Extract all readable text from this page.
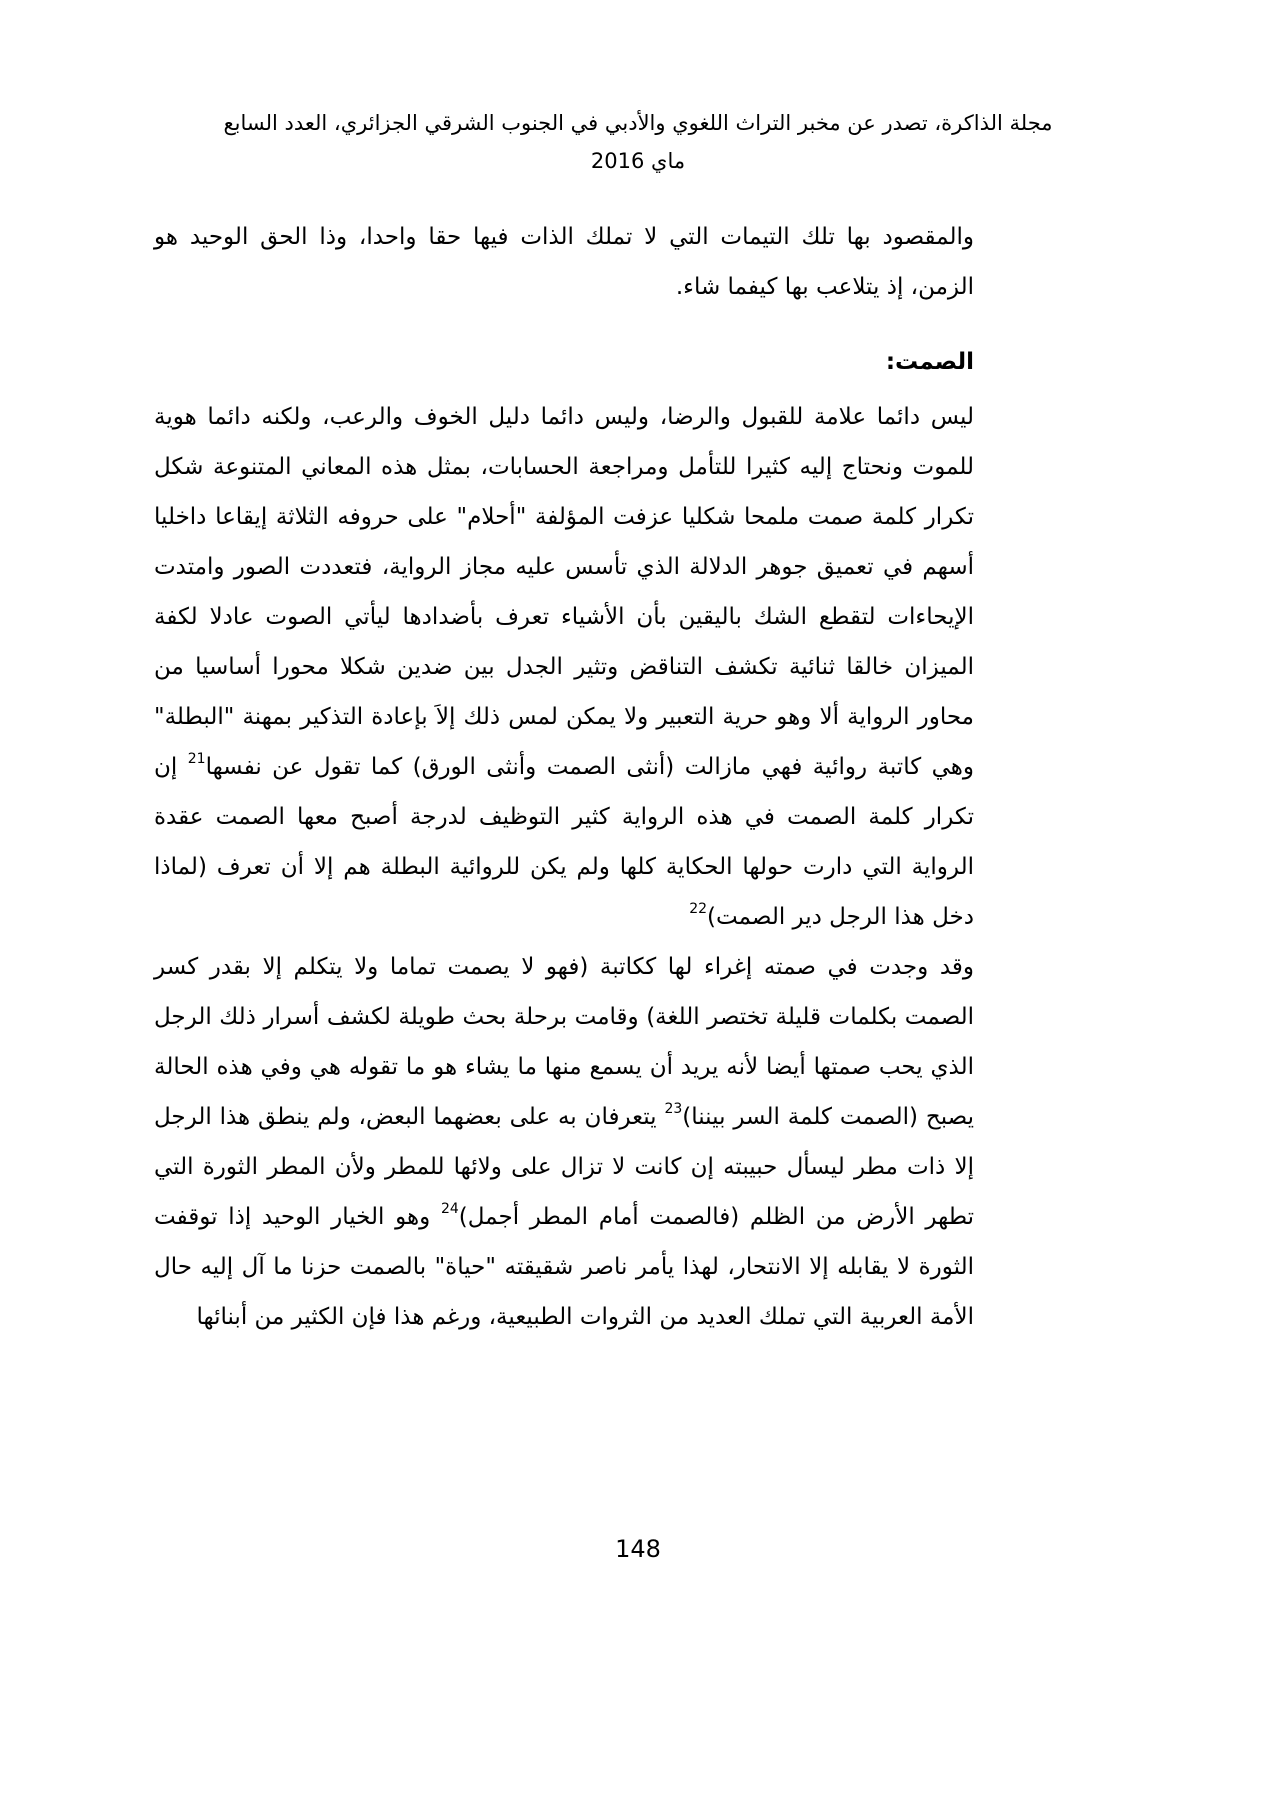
مجلة الذاكرة، تصدر عن مخبر التراث اللغوي والأدبي في الجنوب الشرقي الجزائري، العدد السابع
ماي 2016

والمقصود بها تلك التيمات التي لا تملك الذات فيها حقا واحدا، وذا الحق الوحيد هو الزمن، إذ يتلاعب بها كيفما شاء.

الصمت:

ليس دائما علامة للقبول والرضا، وليس دائما دليل الخوف والرعب، ولكنه دائما هوية للموت ونحتاج إليه كثيرا للتأمل ومراجعة الحسابات، بمثل هذه المعاني المتنوعة شكل تكرار كلمة صمت ملمحا شكليا عزفت المؤلفة "أحلام" على حروفه الثلاثة إيقاعا داخليا أسهم في تعميق جوهر الدلالة الذي تأسس عليه مجاز الرواية، فتعددت الصور وامتدت الإيحاءات لتقطع الشك باليقين بأن الأشياء تعرف بأضدادها ليأتي الصوت عادلا لكفة الميزان خالقا ثنائية تكشف التناقض وتثير الجدل بين ضدين شكلا محورا أساسيا من محاور الرواية ألا وهو حرية التعبير ولا يمكن لمس ذلك إلاَ بإعادة التذكير بمهنة "البطلة" وهي كاتبة روائية فهي مازالت (أنثى الصمت وأنثى الورق) كما تقول عن نفسها$^{21}$ إن تكرار كلمة الصمت في هذه الرواية كثير التوظيف لدرجة أصبح معها الصمت عقدة الرواية التي دارت حولها الحكاية كلها ولم يكن للروائية البطلة هم إلا أن تعرف (لماذا دخل هذا الرجل دير الصمت)$^{22}$

وقد وجدت في صمته إغراء لها ككاتبة (فهو لا يصمت تماما ولا يتكلم إلا بقدر كسر الصمت بكلمات قليلة تختصر اللغة) وقامت برحلة بحث طويلة لكشف أسرار ذلك الرجل الذي يحب صمتها أيضا لأنه يريد أن يسمع منها ما يشاء هو ما تقوله هي وفي هذه الحالة يصبح (الصمت كلمة السر بيننا)$^{23}$ يتعرفان به على بعضهما البعض، ولم ينطق هذا الرجل إلا ذات مطر ليسأل حبيبته إن كانت لا تزال على ولائها للمطر ولأن المطر الثورة التي تطهر الأرض من الظلم (فالصمت أمام المطر أجمل)$^{24}$ وهو الخيار الوحيد إذا توقفت الثورة لا يقابله إلا الانتحار، لهذا يأمر ناصر شقيقته "حياة" بالصمت حزنا ما آل إليه حال الأمة العربية التي تملك العديد من الثروات الطبيعية، ورغم هذا فإن الكثير من أبنائها

148
